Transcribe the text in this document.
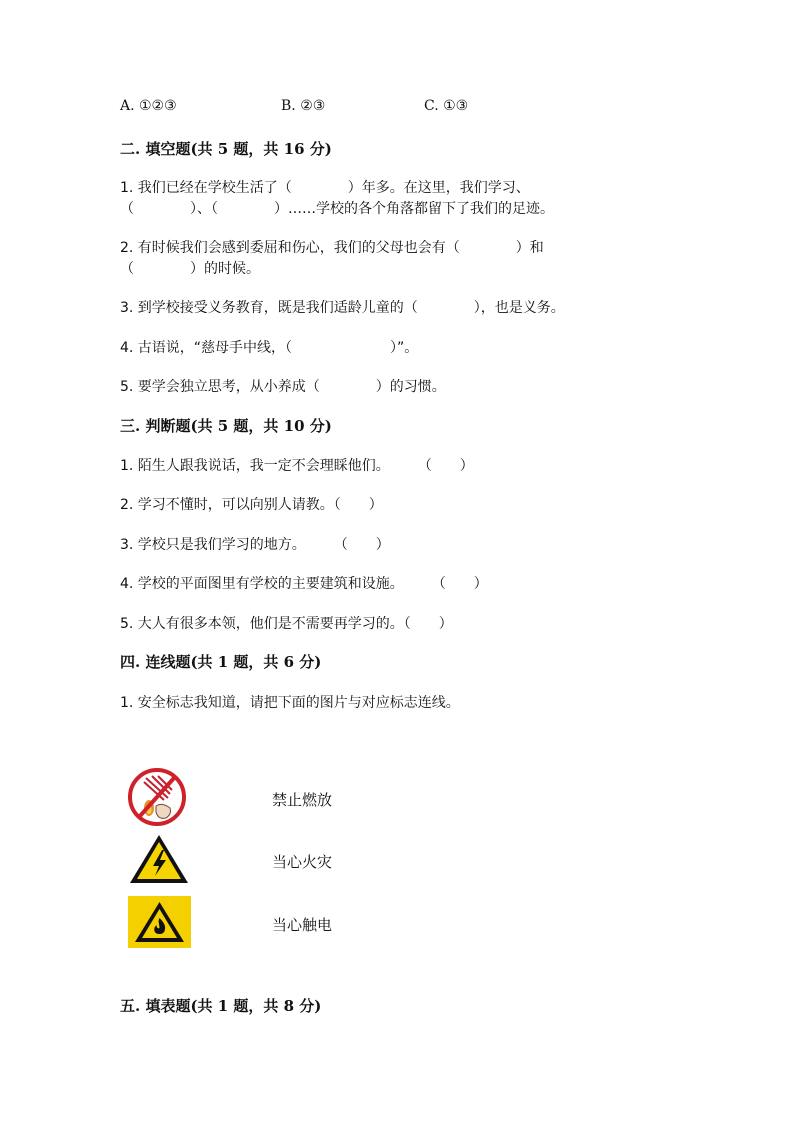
A. ①②③	B. ②③	C. ①③
二. 填空题(共 5 题，共 16 分)
1. 我们已经在学校生活了（　　　　）年多。在这里，我们学习、
（　　　　）、（　　　　）……学校的各个角落都留下了我们的足迹。
2. 有时候我们会感到委屈和伤心，我们的父母也会有（　　　　）和
（　　　　）的时候。
3. 到学校接受义务教育，既是我们适龄儿童的（　　　　），也是义务。
4. 古语说，“慈母手中线，（　　　　　　　）”。
5. 要学会独立思考，从小养成（　　　　）的习惯。
三. 判断题(共 5 题，共 10 分)
1. 陌生人跟我说话，我一定不会理睬他们。　　　（　　）
2. 学习不懂时，可以向别人请教。（　　）
3. 学校只是我们学习的地方。　　　（　　）
4. 学校的平面图里有学校的主要建筑和设施。　　　（　　）
5. 大人有很多本领，他们是不需要再学习的。（　　）
四. 连线题(共 1 题，共 6 分)
1. 安全标志我知道，请把下面的图片与对应标志连线。
禁止燃放
当心火灾
当心触电
五. 填表题(共 1 题，共 8 分)
